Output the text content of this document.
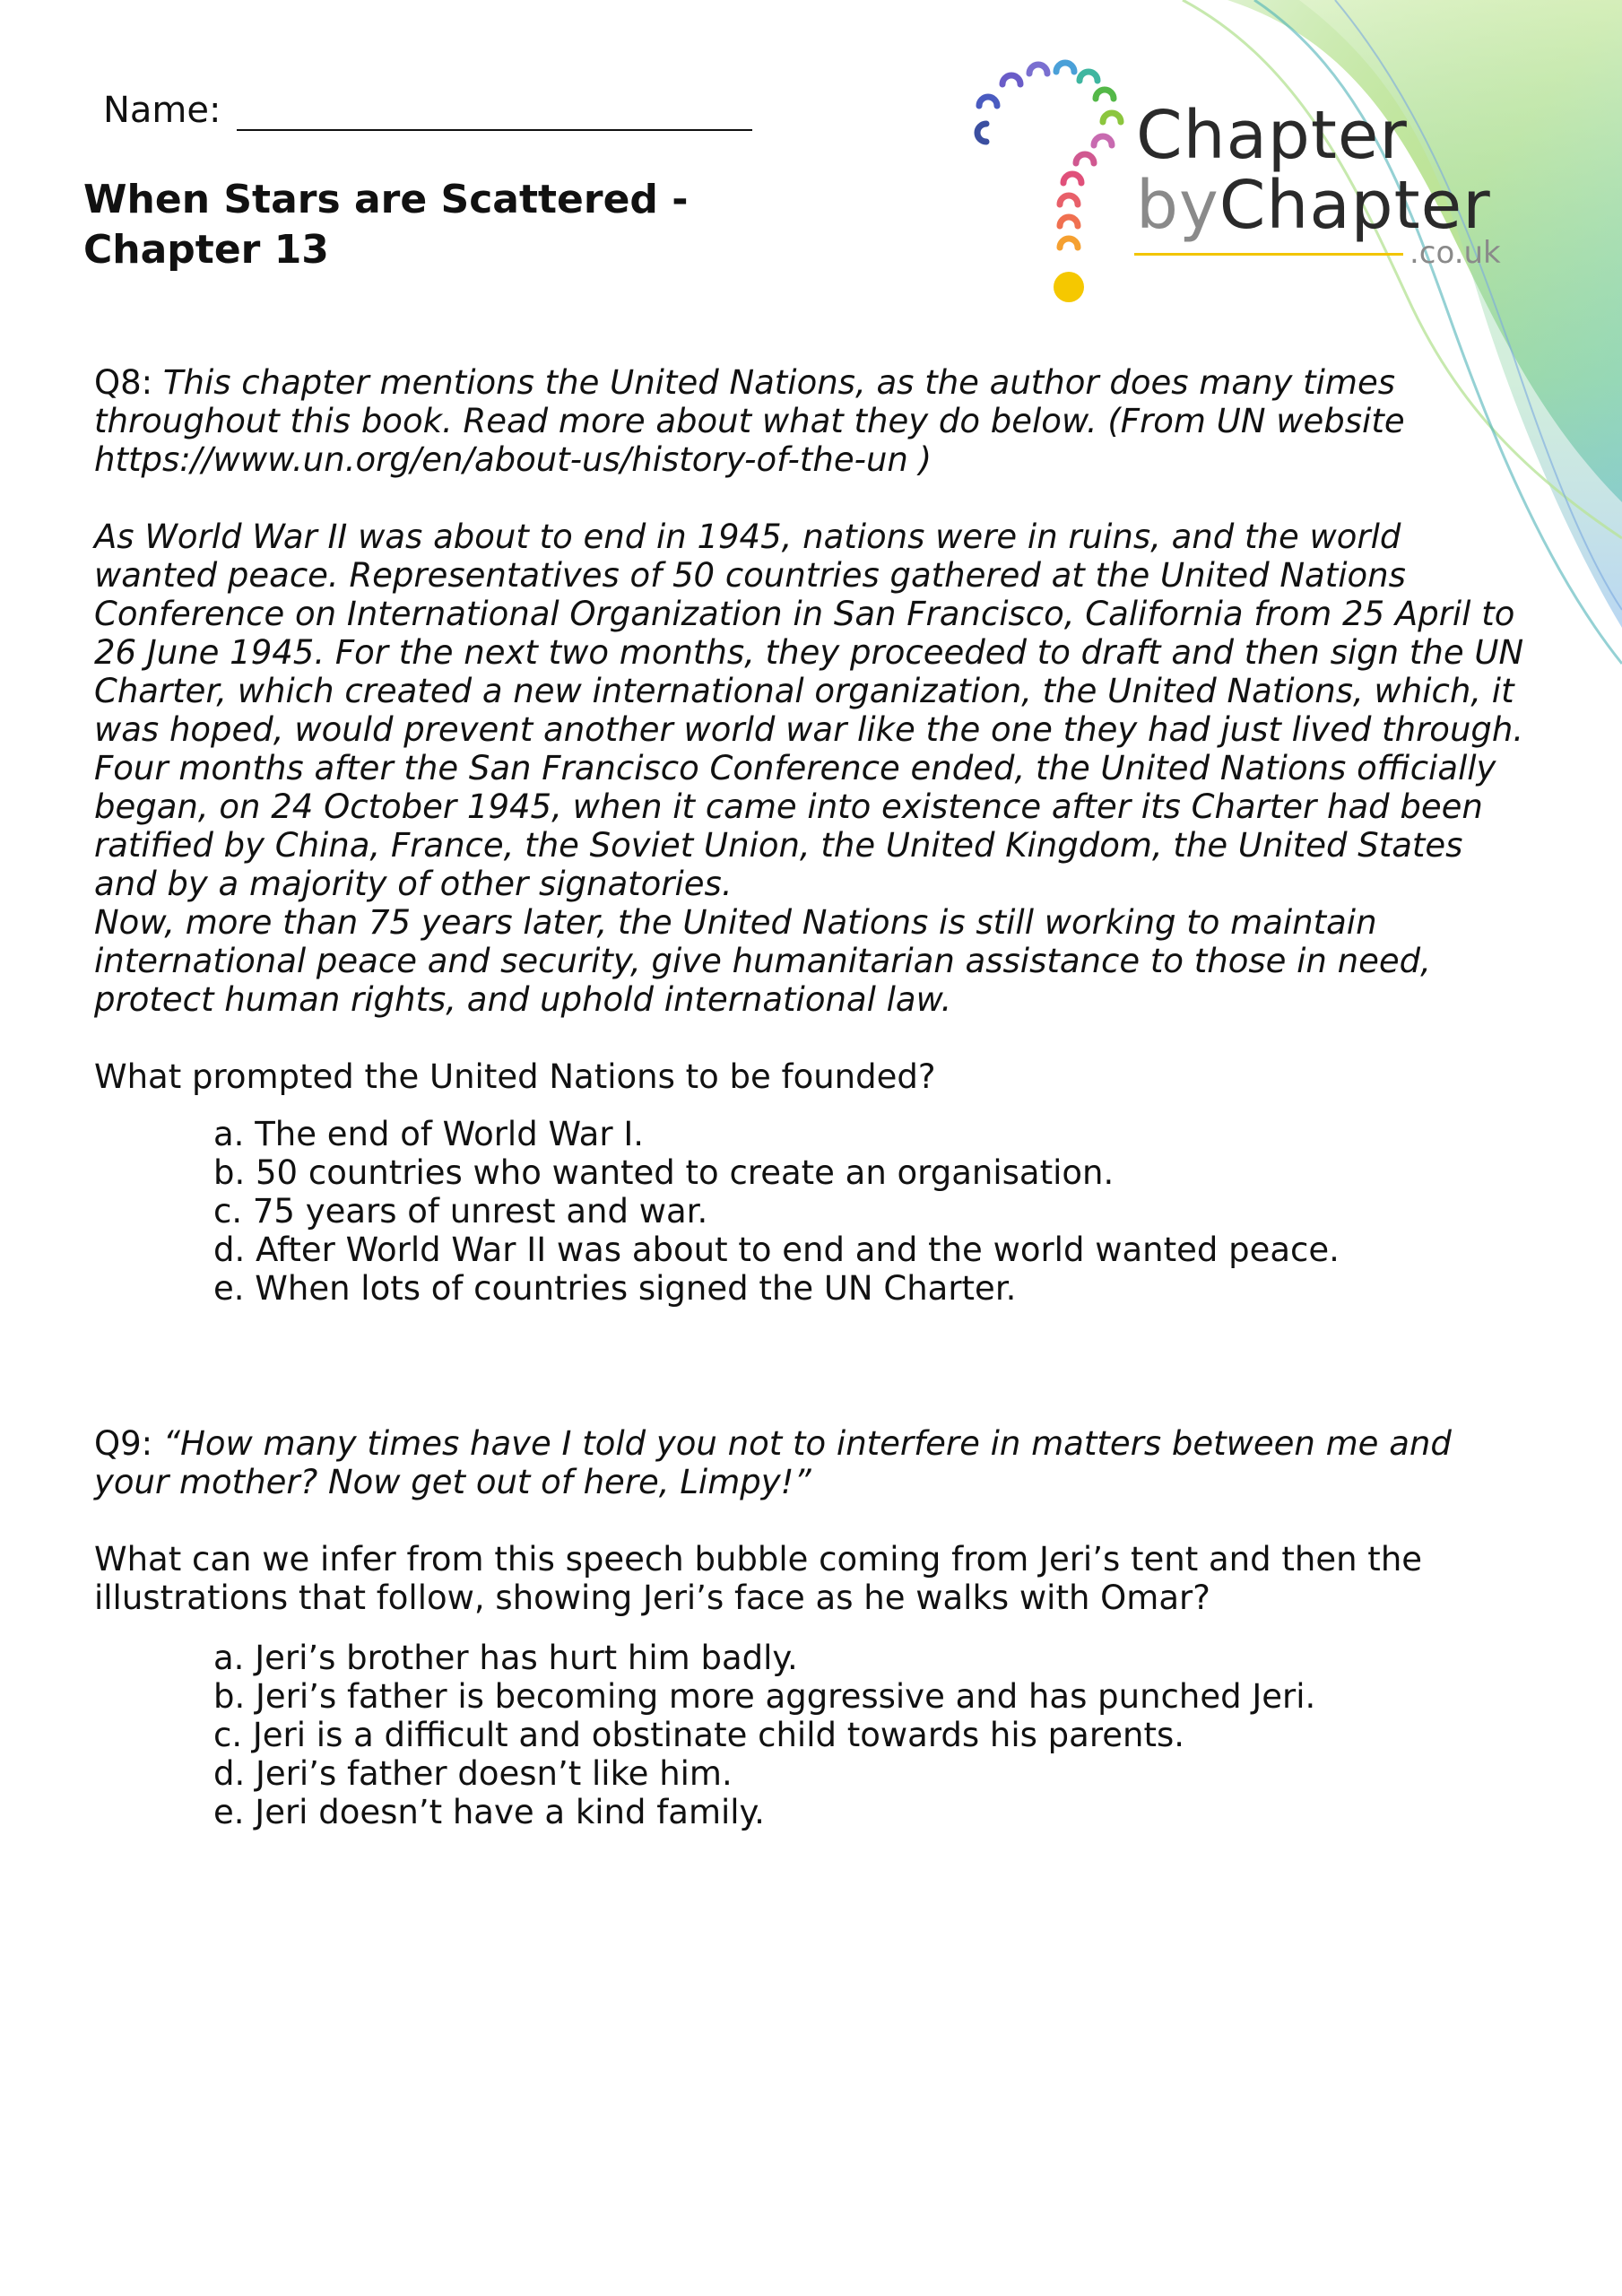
Name:
When Stars are Scattered -
Chapter 13
Chapter
byChapter
.co.uk

Q8: This chapter mentions the United Nations, as the author does many times throughout this book. Read more about what they do below. (From UN website https://www.un.org/en/about-us/history-of-the-un )

As World War II was about to end in 1945, nations were in ruins, and the world wanted peace. Representatives of 50 countries gathered at the United Nations Conference on International Organization in San Francisco, California from 25 April to 26 June 1945. For the next two months, they proceeded to draft and then sign the UN Charter, which created a new international organization, the United Nations, which, it was hoped, would prevent another world war like the one they had just lived through.

Four months after the San Francisco Conference ended, the United Nations officially began, on 24 October 1945, when it came into existence after its Charter had been ratified by China, France, the Soviet Union, the United Kingdom, the United States and by a majority of other signatories.

Now, more than 75 years later, the United Nations is still working to maintain international peace and security, give humanitarian assistance to those in need, protect human rights, and uphold international law.

What prompted the United Nations to be founded?

a. The end of World War I.
b. 50 countries who wanted to create an organisation.
c. 75 years of unrest and war.
d. After World War II was about to end and the world wanted peace.
e. When lots of countries signed the UN Charter.

Q9: “How many times have I told you not to interfere in matters between me and your mother? Now get out of here, Limpy!”

What can we infer from this speech bubble coming from Jeri’s tent and then the illustrations that follow, showing Jeri’s face as he walks with Omar?

a. Jeri’s brother has hurt him badly.
b. Jeri’s father is becoming more aggressive and has punched Jeri.
c. Jeri is a difficult and obstinate child towards his parents.
d. Jeri’s father doesn’t like him.
e. Jeri doesn’t have a kind family.
